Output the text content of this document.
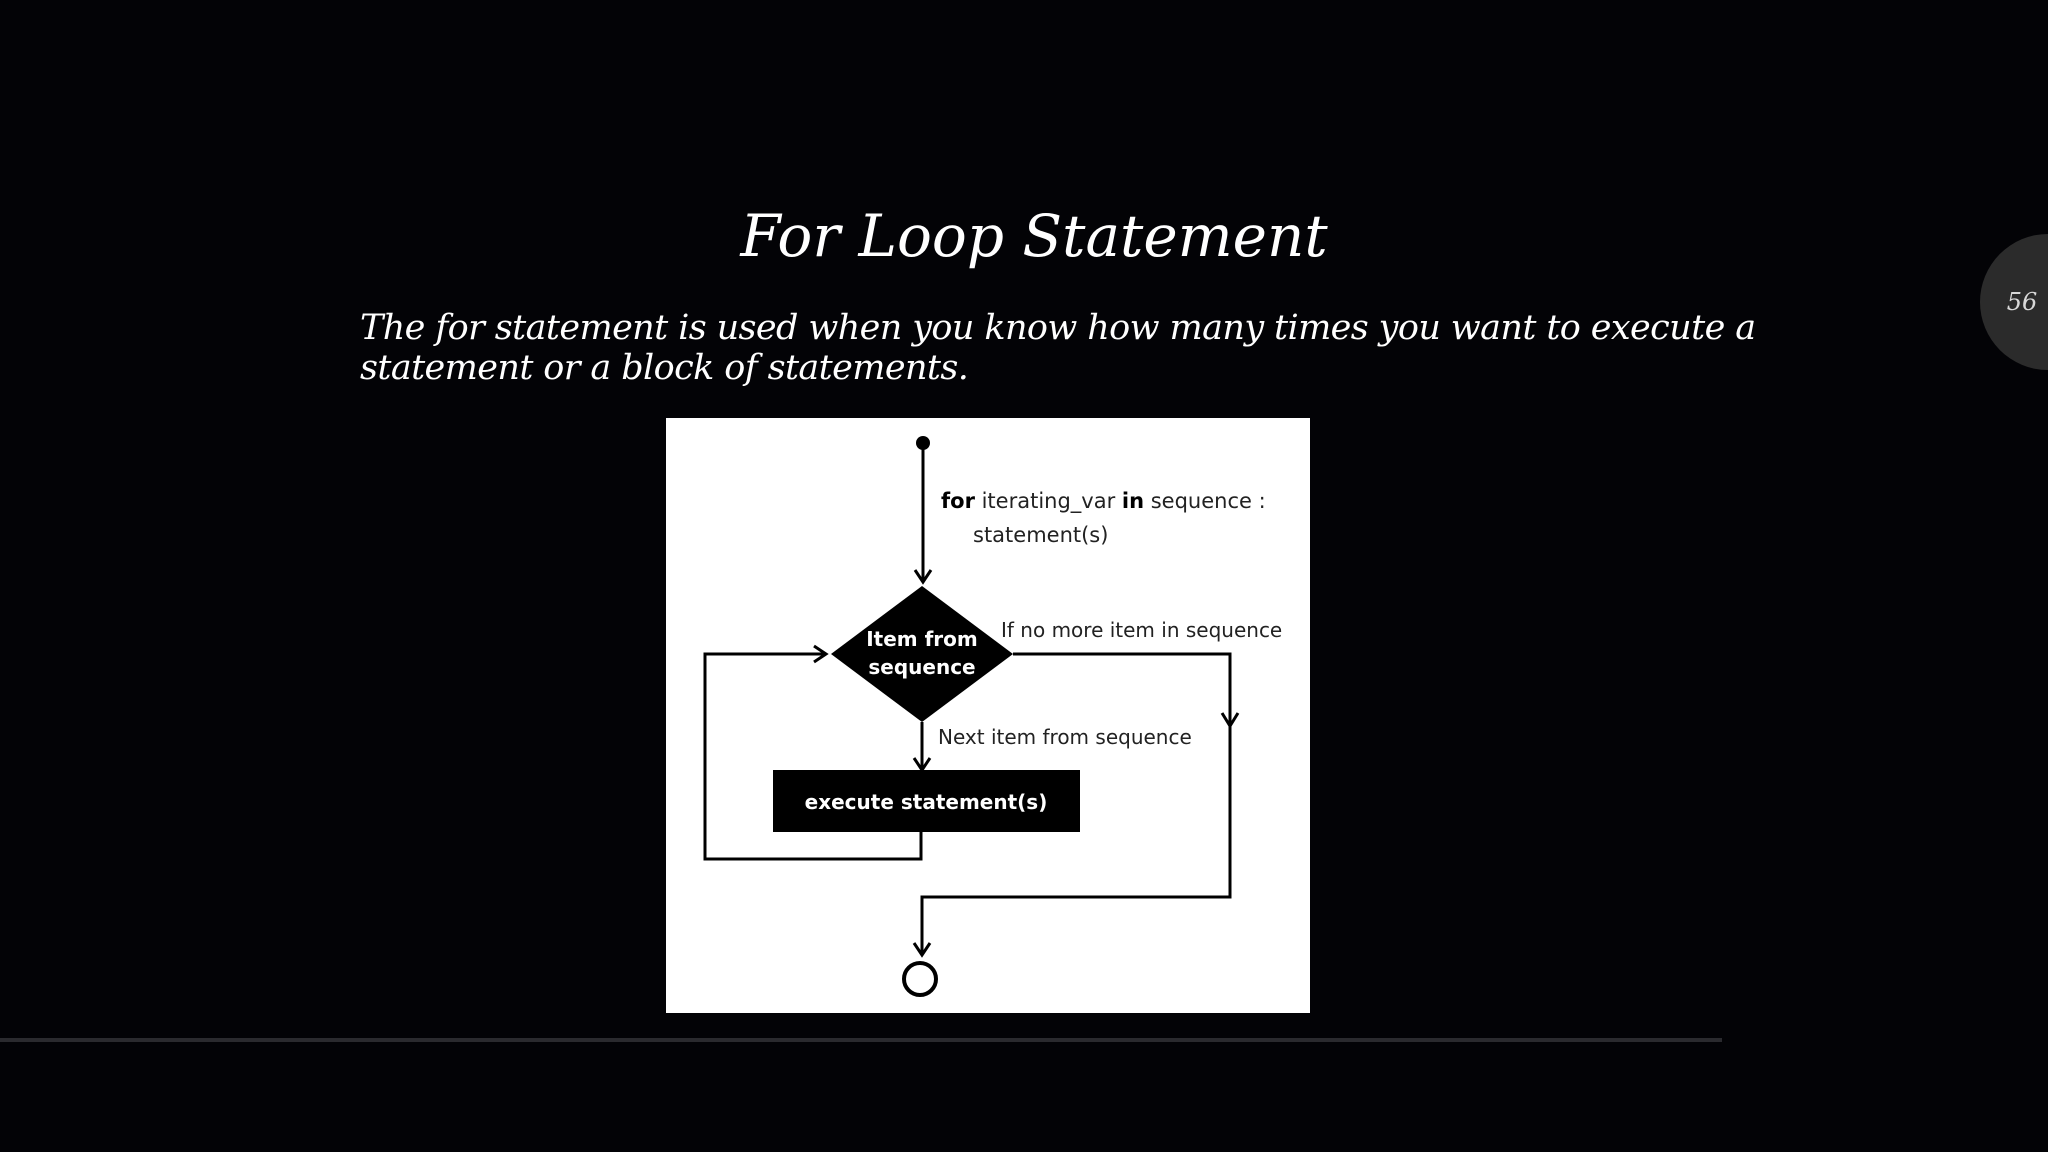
For Loop Statement
The for statement is used when you know how many times you want to execute a
statement or a block of statements.
for iterating_var in sequence :
statement(s)
Item from
sequence
If no more item in sequence
Next item from sequence
execute statement(s)
56
